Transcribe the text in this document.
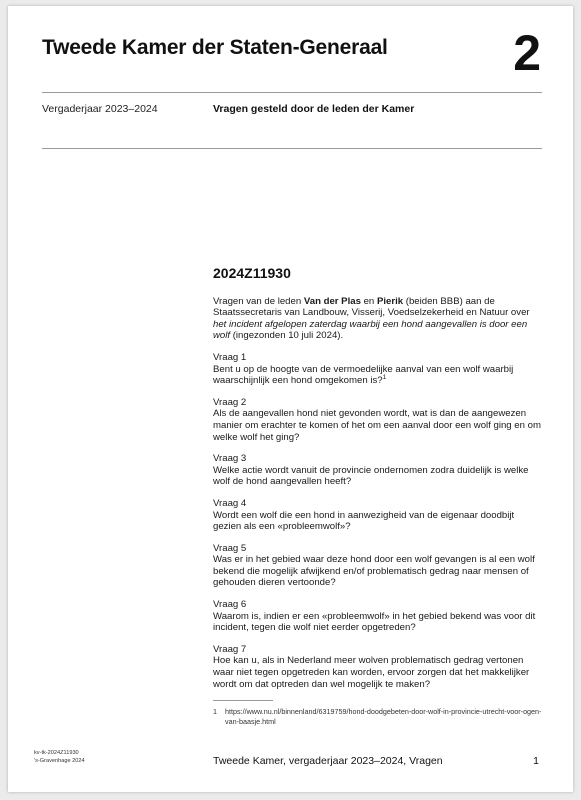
Tweede Kamer der Staten-Generaal	2
Vergaderjaar 2023–2024	Vragen gesteld door de leden der Kamer
2024Z11930

Vragen van de leden Van der Plas en Pierik (beiden BBB) aan de Staatssecretaris van Landbouw, Visserij, Voedselzekerheid en Natuur over het incident afgelopen zaterdag waarbij een hond aangevallen is door een wolf (ingezonden 10 juli 2024).

Vraag 1
Bent u op de hoogte van de vermoedelijke aanval van een wolf waarbij waarschijnlijk een hond omgekomen is?$^1$
Vraag 2
Als de aangevallen hond niet gevonden wordt, wat is dan de aangewezen manier om erachter te komen of het om een aanval door een wolf ging en om welke wolf het ging?
Vraag 3
Welke actie wordt vanuit de provincie ondernomen zodra duidelijk is welke wolf de hond aangevallen heeft?
Vraag 4
Wordt een wolf die een hond in aanwezigheid van de eigenaar doodbijt gezien als een «probleemwolf»?
Vraag 5
Was er in het gebied waar deze hond door een wolf gevangen is al een wolf bekend die mogelijk afwijkend en/of problematisch gedrag naar mensen of gehouden dieren vertoonde?
Vraag 6
Waarom is, indien er een «probleemwolf» in het gebied bekend was voor dit incident, tegen die wolf niet eerder opgetreden?
Vraag 7
Hoe kan u, als in Nederland meer wolven problematisch gedrag vertonen waar niet tegen opgetreden kan worden, ervoor zorgen dat het makkelijker wordt om dat optreden dan wel mogelijk te maken?
1	https://www.nu.nl/binnenland/6319759/hond-doodgebeten-door-wolf-in-provincie-utrecht-voor-ogen-van-baasje.html
kv-tk-2024Z11930
’s-Gravenhage 2024	Tweede Kamer, vergaderjaar 2023–2024, Vragen	1
